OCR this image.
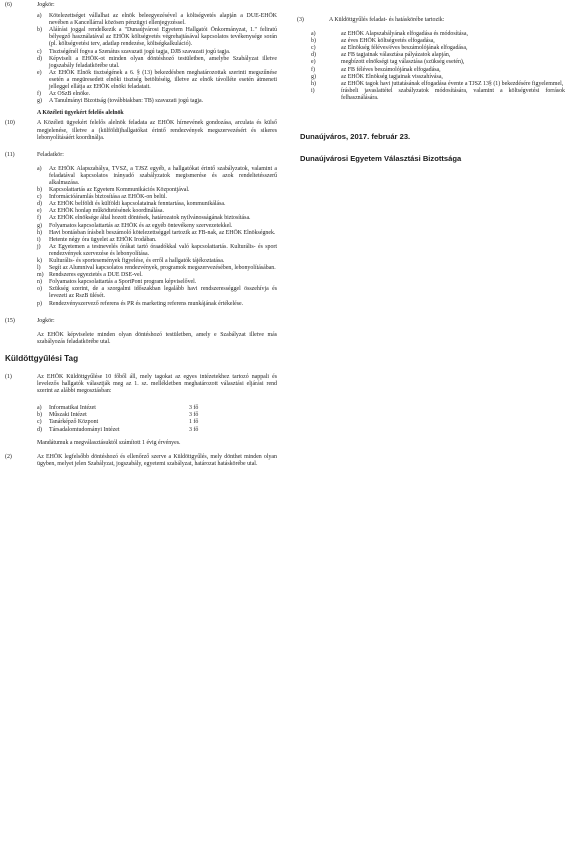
(6)	Jogkör:
a) Kötelezettséget vállalhat az elnök beleegyezésével a költségvetés alapján a DUE-EHÖK nevében a Kancellárral közösen pénzügyi ellenjegyzéssel.
b) Aláírási joggal rendelkezik a "Dunaújvárosi Egyetem Hallgatói Önkormányzat, 1." feliratú bélyegző használatával az EHÖK költségvetés végrehajtásával kapcsolatos tevékenysége során (pl. költségvetési terv, adatlap rendezése, költségkalkuláció).
c) Tisztségénél fogva a Szenátus szavazati jogú tagja, DJB szavazati jogú tagja.
d) Képviseli a EHÖK-ot minden olyan döntéshozó testületben, amelybe Szabályzat illetve jogszabály feladatkörébe utal.
e) Az EHÖK Elnök tisztségének a 6. § (13) bekezdésben meghatározottak szerinti megszűnése esetén a megüresedett elnöki tisztség betöltéséig, illetve az elnök távolléte esetén átmeneti jelleggel ellátja az EHÖK elnöki feladatait.
f) Az OSzB elnöke.
g) A Tanulmányi Bizottság (továbbiakban: TB) szavazati jogú tagja.
A Közéleti ügyekért felelős alelnök
(10)	A Közéleti ügyekért felelős alelnök feladata az EHÖK hírnevének gondozása, arculata és külső megjelenése, illetve a (külföldi)hallgatókat érintő rendezvények megszervezésért és sikeres lebonyolításáért koordinálja.
(11)	Feladatkör:
a) Az EHÖK Alapszabálya, TVSZ, a TJSZ egyéb, a hallgatókat érintő szabályzatok, valamint a feladatával kapcsolatos irányadó szabályzatok megismerése és azok rendeltetésszerű alkalmazása.
b) Kapcsolattartás az Egyetem Kommunikációs Központjával.
c) Információáramlás biztosítása az EHÖK-on belül.
d) Az EHÖK belföldi és külföldi kapcsolatainak fenntartása, kommunikálása.
e) Az EHÖK honlap működtetésének koordinálása.
f) Az EHÖK elnöksége által hozott döntések, határozatok nyilvánosságának biztosítása.
g) Folyamatos kapcsolattartás az EHÖK és az egyéb öntevékeny szervezetekkel.
h) Havi bontásban írásbeli beszámoló kötelezettséggel tartozik az FB-nak, az EHÖK Elnökségnek.
i) Hetente négy óra ügyelet az EHÖK Irodában.
j) Az Egyetemen a testnevelés órákat tartó óraadókkal való kapcsolattartás. Kulturális- és sport rendezvények szervezése és lebonyolítása.
k) Kulturális- és sportesemények figyelése, és erről a hallgatók tájékoztatása.
l) Segít az Alumnival kapcsolatos rendezvények, programok megszervezésében, lebonyolításában.
m) Rendszeres egyeztetés a DUE DSE-vel.
n) Folyamatos kapcsolattartás a SportPont program képviselővel.
o) Szükség szerint, de a szorgalmi időszakban legalább havi rendszerességgel összehívja és levezeti az RszB ülését.
p) Rendezvényszervező referens és PR és marketing referens munkájának értékelése.
(15)	Jogkör:
Az EHÖK képviselete minden olyan döntéshozó testületben, amely e Szabályzat illetve más szabályozás feladatkörébe utal.
Küldöttgyűlési Tag
(1)	Az EHÖK Küldöttgyűlése 10 főből áll, mely tagokat az egyes intézetekhez tartozó nappali és levelezős hallgatók választják meg az 1. sz. mellékletben meghatározott választási eljárási rend szerint az alábbi megosztásban:
a)	Informatikai Intézet	3 fő
b)	Műszaki Intézet	3 fő
c)	Tanárképző Központ	1 fő
d)	Társadalomtudományi Intézet	3 fő
Mandátumuk a megválasztásuktól számított 1 évig érvényes.
(2)	Az EHÖK legfelsőbb döntéshozó és ellenőrző szerve a Küldöttgyűlés, mely dönthet minden olyan ügyben, melyet jelen Szabályzat, jogszabály, egyetemi szabályzat, határozat hatáskörébe utal.
(3)	A Küldöttgyűlés feladat- és hatáskörébe tartozik:
a)	az EHÖK Alapszabályának elfogadása és módosítása,
b)	az éves EHÖK költségvetés elfogadása,
c)	az Elnökség féléves/éves beszámolójának elfogadása,
d)	az FB tagjainak választása pályázatok alapján,
e)	megbízott elnökségi tag választása (szükség esetén),
f)	az FB féléves beszámolójának elfogadása,
g)	az EHÖK Elnökség tagjainak visszahívása,
h)	az EHÖK tagok havi juttatásának elfogadása évente a TJSZ 13§ (1) bekezdésére figyelemmel,
i)	írásbeli javaslattétel szabályzatok módosítására, valamint a költségvetési források felhasználására.
Dunaújváros, 2017. február 23.
Dunaújvárosi Egyetem Választási Bizottsága
